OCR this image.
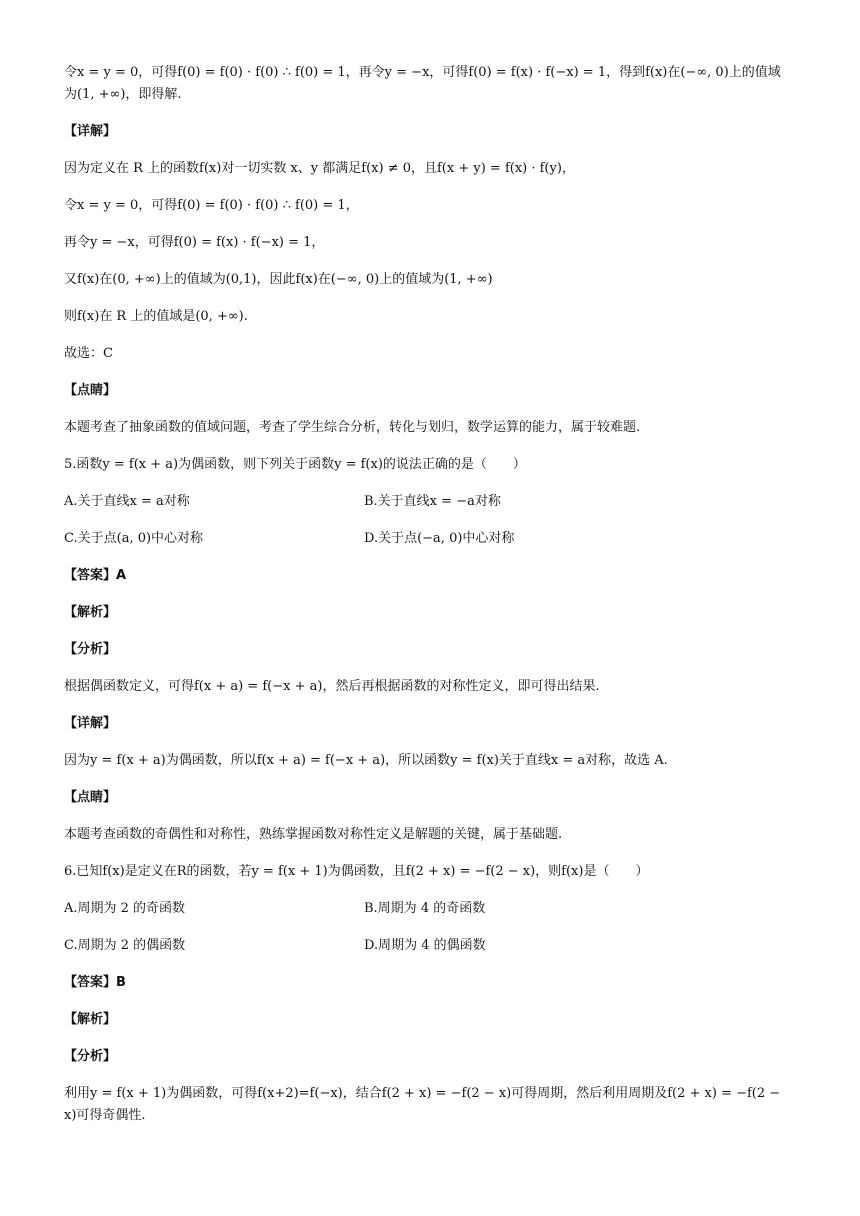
令x = y = 0，可得f(0) = f(0) · f(0) ∴ f(0) = 1，再令y = −x，可得f(0) = f(x) · f(−x) = 1，得到f(x)在(−∞, 0)上的值域为(1, +∞)，即得解.
【详解】
因为定义在 R 上的函数f(x)对一切实数 x、y 都满足f(x) ≠ 0，且f(x + y) = f(x) · f(y)，
令x = y = 0，可得f(0) = f(0) · f(0) ∴ f(0) = 1，
再令y = −x，可得f(0) = f(x) · f(−x) = 1，
又f(x)在(0, +∞)上的值域为(0,1)，因此f(x)在(−∞, 0)上的值域为(1, +∞)
则f(x)在 R 上的值域是(0, +∞).
故选：C
【点睛】
本题考查了抽象函数的值域问题，考查了学生综合分析，转化与划归，数学运算的能力，属于较难题.
5.函数y = f(x + a)为偶函数，则下列关于函数y = f(x)的说法正确的是（　　）
A.关于直线x = a对称	B.关于直线x = −a对称
C.关于点(a, 0)中心对称	D.关于点(−a, 0)中心对称
【答案】A
【解析】
【分析】
根据偶函数定义，可得f(x + a) = f(−x + a)，然后再根据函数的对称性定义，即可得出结果.
【详解】
因为y = f(x + a)为偶函数，所以f(x + a) = f(−x + a)，所以函数y = f(x)关于直线x = a对称，故选 A.
【点睛】
本题考查函数的奇偶性和对称性，熟练掌握函数对称性定义是解题的关键，属于基础题.
6.已知f(x)是定义在R的函数，若y = f(x + 1)为偶函数，且f(2 + x) = −f(2 − x)，则f(x)是（　　）
A.周期为 2 的奇函数	B.周期为 4 的奇函数
C.周期为 2 的偶函数	D.周期为 4 的偶函数
【答案】B
【解析】
【分析】
利用y = f(x + 1)为偶函数，可得f(x+2)=f(−x)，结合f(2 + x) = −f(2 − x)可得周期，然后利用周期及f(2 + x) = −f(2 − x)可得奇偶性.
